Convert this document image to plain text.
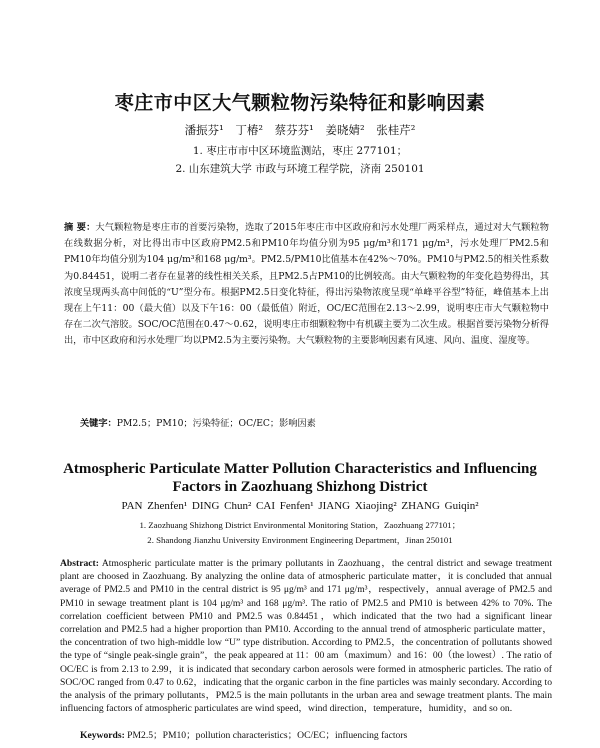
枣庄市中区大气颗粒物污染特征和影响因素
潘振芬¹ 丁椿² 蔡芬芬¹ 姜晓婧² 张桂芹²
1. 枣庄市市中区环境监测站，枣庄 277101；
2. 山东建筑大学 市政与环境工程学院，济南 250101
摘 要：大气颗粒物是枣庄市的首要污染物，选取了2015年枣庄市中区政府和污水处理厂两采样点，通过对大气颗粒物在线数据分析，对比得出市中区政府PM2.5和PM10年均值分别为95 μg/m³和171 μg/m³，污水处理厂PM2.5和PM10年均值分别为104 μg/m³和168 μg/m³。PM2.5/PM10比值基本在42%～70%。PM10与PM2.5的相关性系数为0.84451，说明二者存在显著的线性相关关系，且PM2.5占PM10的比例较高。由大气颗粒物的年变化趋势得出，其浓度呈现两头高中间低的“U”型分布。根据PM2.5日变化特征，得出污染物浓度呈现“单峰平谷型”特征，峰值基本上出现在上午11：00（最大值）以及下午16：00（最低值）附近，OC/EC范围在2.13～2.99，说明枣庄市大气颗粒物中存在二次气溶胶。SOC/OC范围在0.47～0.62，说明枣庄市细颗粒物中有机碳主要为二次生成。根据首要污染物分析得出，市中区政府和污水处理厂均以PM2.5为主要污染物。大气颗粒物的主要影响因素有风速、风向、温度、湿度等。
关键字：PM2.5；PM10；污染特征；OC/EC；影响因素
Atmospheric Particulate Matter Pollution Characteristics and Influencing
Factors in Zaozhuang Shizhong District
PAN Zhenfen¹ DING Chun² CAI Fenfen¹ JIANG Xiaojing² ZHANG Guiqin²
1. Zaozhuang Shizhong District Environmental Monitoring Station，Zaozhuang 277101；
2. Shandong Jianzhu University Environment Engineering Department，Jinan 250101
Abstract: Atmospheric particulate matter is the primary pollutants in Zaozhuang，the central district and sewage treatment plant are choosed in Zaozhuang. By analyzing the online data of atmospheric particulate matter，it is concluded that annual average of PM2.5 and PM10 in the central district is 95 μg/m³ and 171 μg/m³，respectively，annual average of PM2.5 and PM10 in sewage treatment plant is 104 μg/m³ and 168 μg/m³. The ratio of PM2.5 and PM10 is between 42% to 70%. The correlation coefficient between PM10 and PM2.5 was 0.84451，which indicated that the two had a significant linear correlation and PM2.5 had a higher proportion than PM10. According to the annual trend of atmospheric particulate matter，the concentration of two high-middle low “U” type distribution. According to PM2.5，the concentration of pollutants showed the type of “single peak-single grain”，the peak appeared at 11：00 am（maximum）and 16：00（the lowest）. The ratio of OC/EC is from 2.13 to 2.99，it is indicated that secondary carbon aerosols were formed in atmospheric particles. The ratio of SOC/OC ranged from 0.47 to 0.62，indicating that the organic carbon in the fine particles was mainly secondary. According to the analysis of the primary pollutants，PM2.5 is the main pollutants in the urban area and sewage treatment plants. The main influencing factors of atmospheric particulates are wind speed，wind direction，temperature，humidity，and so on.
Keywords: PM2.5；PM10；pollution characteristics；OC/EC；influencing factors
